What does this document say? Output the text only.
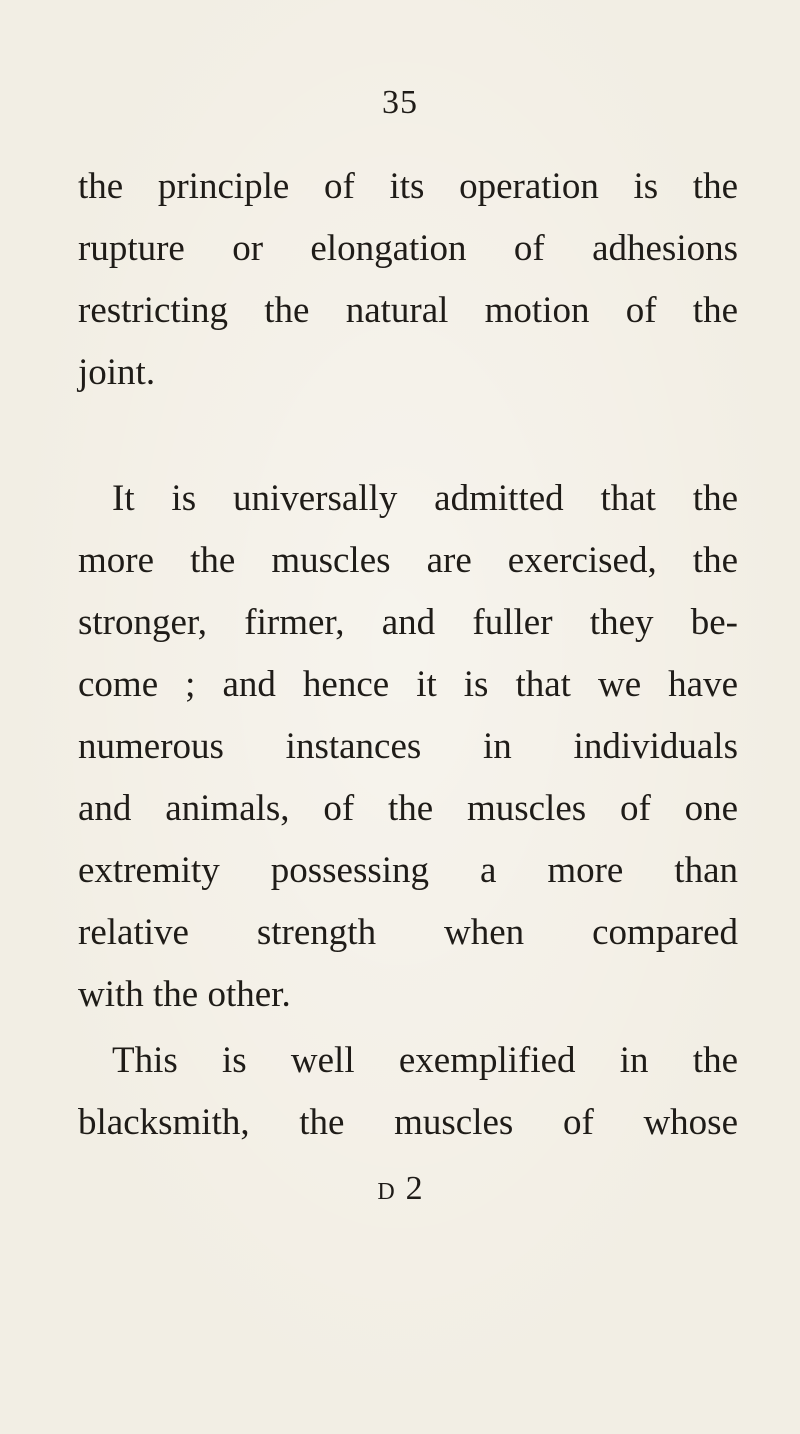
35
the principle of its operation is the
rupture or elongation of adhesions
restricting the natural motion of the
joint.
It is universally admitted that the
more the muscles are exercised, the
stronger, firmer, and fuller they be-
come ; and hence it is that we have
numerous instances in individuals
and animals, of the muscles of one
extremity possessing a more than
relative strength when compared
with the other.
This is well exemplified in the
blacksmith, the muscles of whose
D 2
